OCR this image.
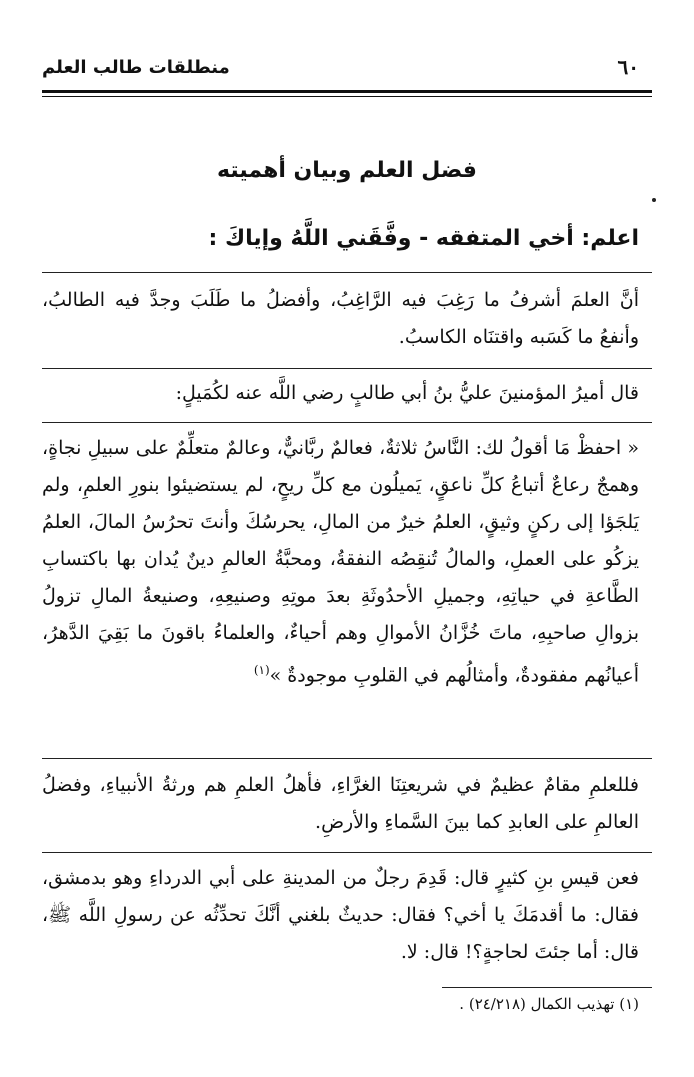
٦٠
منطلقات طالب العلم
فضل العلم وبيان أهميته
اعلم: أخي المتفقه - وفَّقَني اللَّهُ وإياكَ :
أنَّ العلمَ أشرفُ ما رَغِبَ فيه الرَّاغِبُ، وأفضلُ ما طَلَبَ وجدَّ فيه الطالبُ، وأنفعُ ما كَسَبه واقتنَاه الكاسبُ.
قال أميرُ المؤمنينَ عليُّ بنُ أبي طالبٍ رضي اللَّه عنه لكُمَيلٍ:
« احفظْ مَا أقولُ لك: النَّاسُ ثلاثةٌ، فعالمٌ ربَّانيٌّ، وعالمٌ متعلِّمٌ على سبيلِ نجاةٍ، وهمجٌ رعاعٌ أتباعُ كلِّ ناعقٍ، يَميلُون مع كلِّ ريحٍ، لم يستضيئوا بنورِ العلمِ، ولم يَلجَؤا إلى ركنٍ وثيقٍ، العلمُ خيرٌ من المالِ، يحرسُكَ وأنتَ تحرُسُ المالَ، العلمُ يزكُو على العملِ، والمالُ تُنقِصُه النفقةُ، ومحبَّةُ العالمِ دينٌ يُدان بها باكتسابِ الطَّاعةِ في حياتِهِ، وجميلِ الأحدُوثَةِ بعدَ موتِهِ وصنيعِهِ، وصنيعةُ المالِ تزولُ بزوالِ صاحبِهِ، ماتَ خُزَّانُ الأموالِ وهم أحياءٌ، والعلماءُ باقونَ ما بَقِيَ الدَّهرُ، أعيانُهم مفقودةٌ، وأمثالُهم في القلوبِ موجودةٌ »$^{(١)}$
فللعلمِ مقامٌ عظيمٌ في شريعتِنَا الغرَّاءِ، فأهلُ العلمِ هم ورثةُ الأنبياءِ، وفضلُ العالمِ على العابدِ كما بينَ السَّماءِ والأرضِ.
فعن قيسِ بنِ كثيرٍ قال: قَدِمَ رجلٌ من المدينةِ على أبي الدرداءِ وهو بدمشق، فقال: ما أقدمَكَ يا أخي؟ فقال: حديثٌ بلغني أنَّكَ تحدِّثُه عن رسولِ اللَّه ﷺ، قال: أما جئتَ لحاجةٍ؟! قال: لا.
(١) تهذيب الكمال (٢٤/٢١٨) .
